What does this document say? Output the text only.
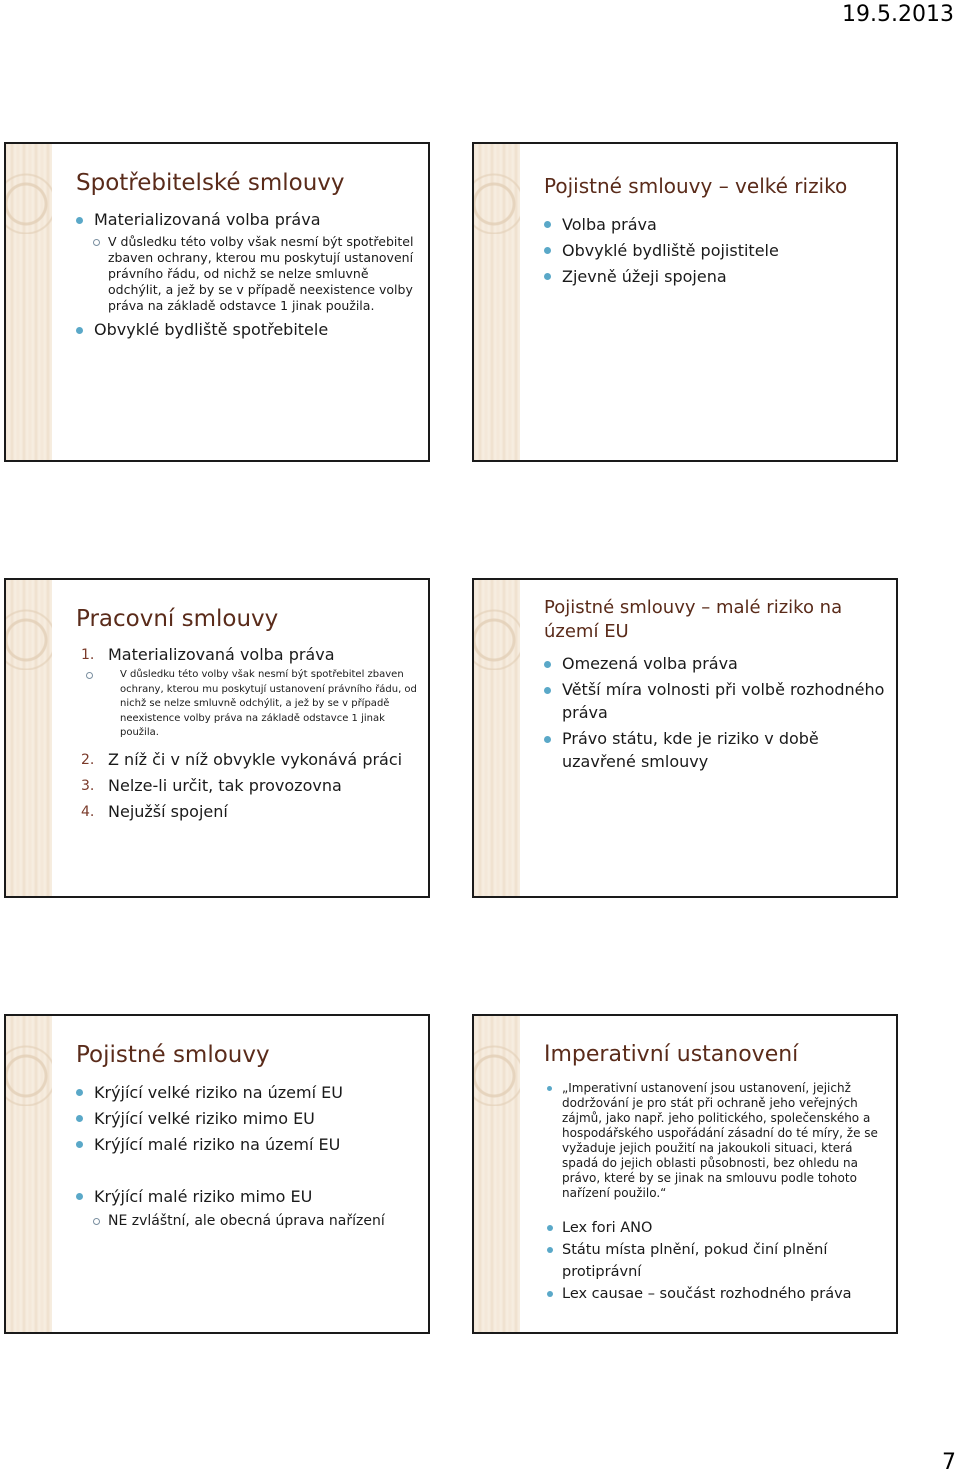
19.5.2013
Spotřebitelské smlouvy
Materializovaná volba práva
V důsledku této volby však nesmí být spotřebitel zbaven ochrany, kterou mu poskytují ustanovení právního řádu, od nichž se nelze smluvně odchýlit, a jež by se v případě neexistence volby práva na základě odstavce 1 jinak použila.
Obvyklé bydliště spotřebitele
Pojistné smlouvy – velké riziko
Volba práva
Obvyklé bydliště pojistitele
Zjevně úžeji spojena
Pracovní smlouvy
1. Materializovaná volba práva
V důsledku této volby však nesmí být spotřebitel zbaven ochrany, kterou mu poskytují ustanovení právního řádu, od nichž se nelze smluvně odchýlit, a jež by se v případě neexistence volby práva na základě odstavce 1 jinak použila.
2. Z níž či v níž obvykle vykonává práci
3. Nelze-li určit, tak provozovna
4. Nejužší spojení
Pojistné smlouvy – malé riziko na území EU
Omezená volba práva
Větší míra volnosti při volbě rozhodného práva
Právo státu, kde je riziko v době uzavřené smlouvy
Pojistné smlouvy
Krýjící velké riziko na území EU
Krýjící velké riziko mimo EU
Krýjící malé riziko na území EU
Krýjící malé riziko mimo EU
NE zvláštní, ale obecná úprava nařízení
Imperativní ustanovení
„Imperativní ustanovení jsou ustanovení, jejichž dodržování je pro stát při ochraně jeho veřejných zájmů, jako např. jeho politického, společenského a hospodářského uspořádání zásadní do té míry, že se vyžaduje jejich použití na jakoukoli situaci, která spadá do jejich oblasti působnosti, bez ohledu na právo, které by se jinak na smlouvu podle tohoto nařízení použilo.“
Lex fori ANO
Státu místa plnění, pokud činí plnění protiprávní
Lex causae – součást rozhodného práva
7
